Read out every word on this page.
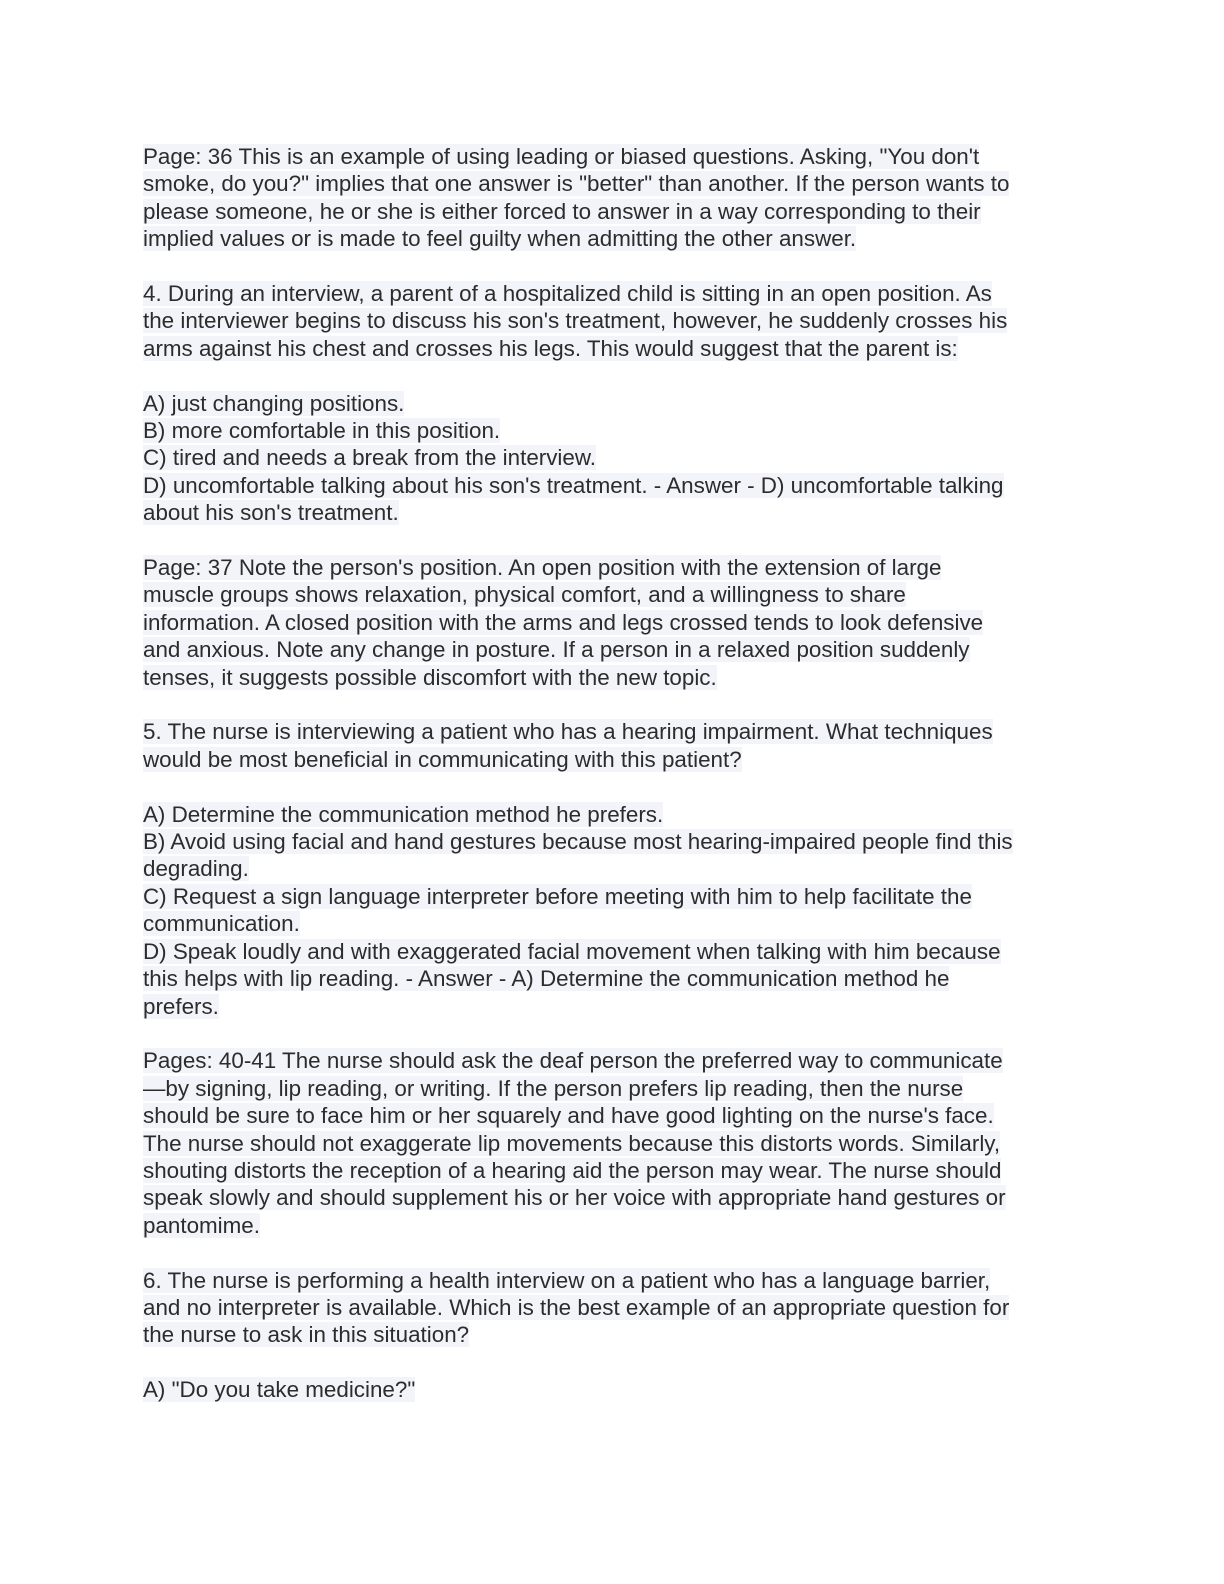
Page: 36 This is an example of using leading or biased questions. Asking, "You don't
smoke, do you?" implies that one answer is "better" than another. If the person wants to
please someone, he or she is either forced to answer in a way corresponding to their
implied values or is made to feel guilty when admitting the other answer.
4. During an interview, a parent of a hospitalized child is sitting in an open position. As
the interviewer begins to discuss his son's treatment, however, he suddenly crosses his
arms against his chest and crosses his legs. This would suggest that the parent is:
A) just changing positions.
B) more comfortable in this position.
C) tired and needs a break from the interview.
D) uncomfortable talking about his son's treatment. - Answer - D) uncomfortable talking
about his son's treatment.
Page: 37 Note the person's position. An open position with the extension of large
muscle groups shows relaxation, physical comfort, and a willingness to share
information. A closed position with the arms and legs crossed tends to look defensive
and anxious. Note any change in posture. If a person in a relaxed position suddenly
tenses, it suggests possible discomfort with the new topic.
5. The nurse is interviewing a patient who has a hearing impairment. What techniques
would be most beneficial in communicating with this patient?
A) Determine the communication method he prefers.
B) Avoid using facial and hand gestures because most hearing-impaired people find this
degrading.
C) Request a sign language interpreter before meeting with him to help facilitate the
communication.
D) Speak loudly and with exaggerated facial movement when talking with him because
this helps with lip reading. - Answer - A) Determine the communication method he
prefers.
Pages: 40-41 The nurse should ask the deaf person the preferred way to communicate
—by signing, lip reading, or writing. If the person prefers lip reading, then the nurse
should be sure to face him or her squarely and have good lighting on the nurse's face.
The nurse should not exaggerate lip movements because this distorts words. Similarly,
shouting distorts the reception of a hearing aid the person may wear. The nurse should
speak slowly and should supplement his or her voice with appropriate hand gestures or
pantomime.
6. The nurse is performing a health interview on a patient who has a language barrier,
and no interpreter is available. Which is the best example of an appropriate question for
the nurse to ask in this situation?
A) "Do you take medicine?"
